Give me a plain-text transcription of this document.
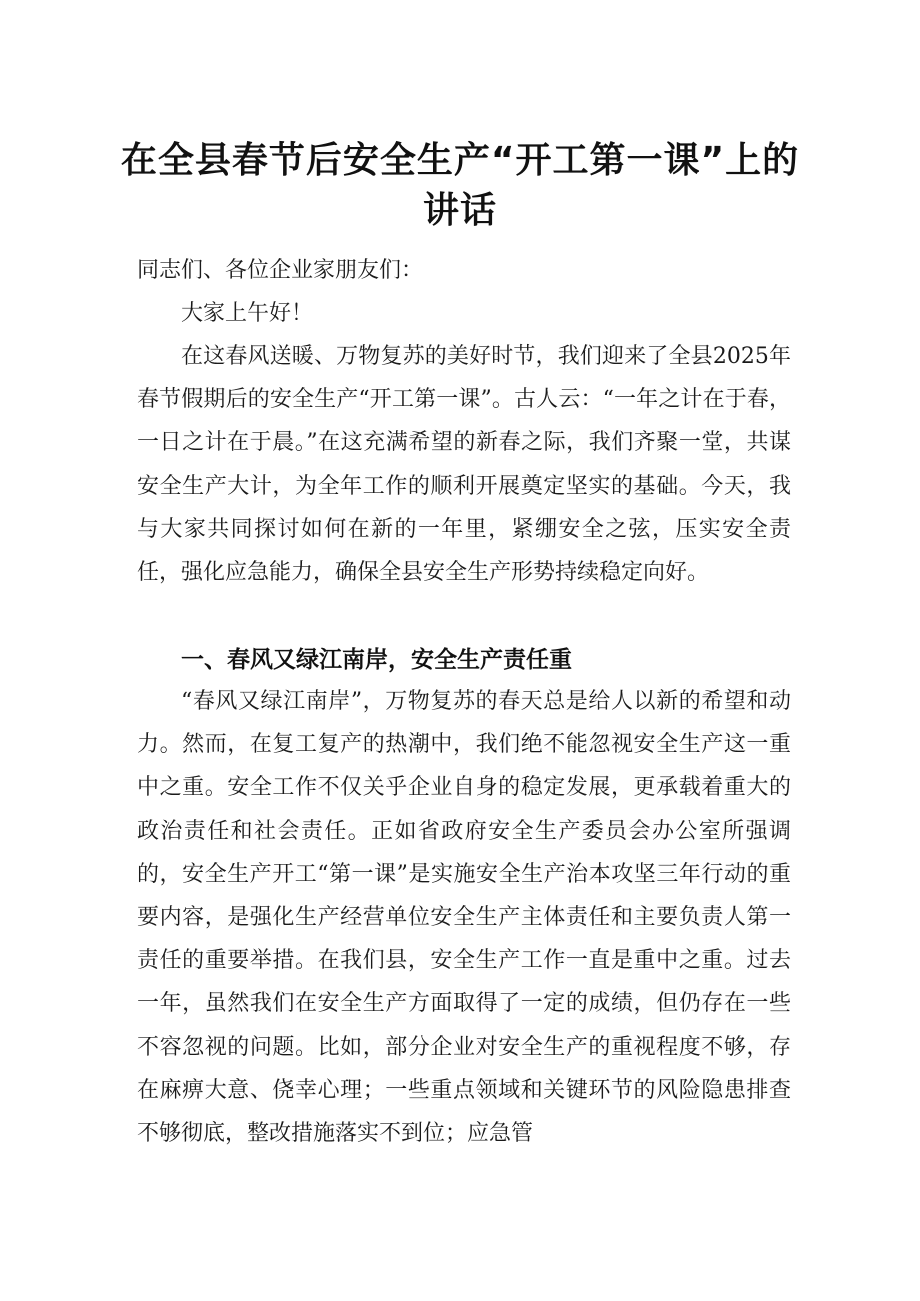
在全县春节后安全生产“开工第一课”上的
讲话

同志们、各位企业家朋友们：

大家上午好！

在这春风送暖、万物复苏的美好时节，我们迎来了全县2025年春节假期后的安全生产“开工第一课”。古人云：“一年之计在于春，一日之计在于晨。”在这充满希望的新春之际，我们齐聚一堂，共谋安全生产大计，为全年工作的顺利开展奠定坚实的基础。今天，我与大家共同探讨如何在新的一年里，紧绷安全之弦，压实安全责任，强化应急能力，确保全县安全生产形势持续稳定向好。

一、春风又绿江南岸，安全生产责任重

“春风又绿江南岸”，万物复苏的春天总是给人以新的希望和动力。然而，在复工复产的热潮中，我们绝不能忽视安全生产这一重中之重。安全工作不仅关乎企业自身的稳定发展，更承载着重大的政治责任和社会责任。正如省政府安全生产委员会办公室所强调的，安全生产开工“第一课”是实施安全生产治本攻坚三年行动的重要内容，是强化生产经营单位安全生产主体责任和主要负责人第一责任的重要举措。在我们县，安全生产工作一直是重中之重。过去一年，虽然我们在安全生产方面取得了一定的成绩，但仍存在一些不容忽视的问题。比如，部分企业对安全生产的重视程度不够，存在麻痹大意、侥幸心理；一些重点领域和关键环节的风险隐患排查不够彻底，整改措施落实不到位；应急管
